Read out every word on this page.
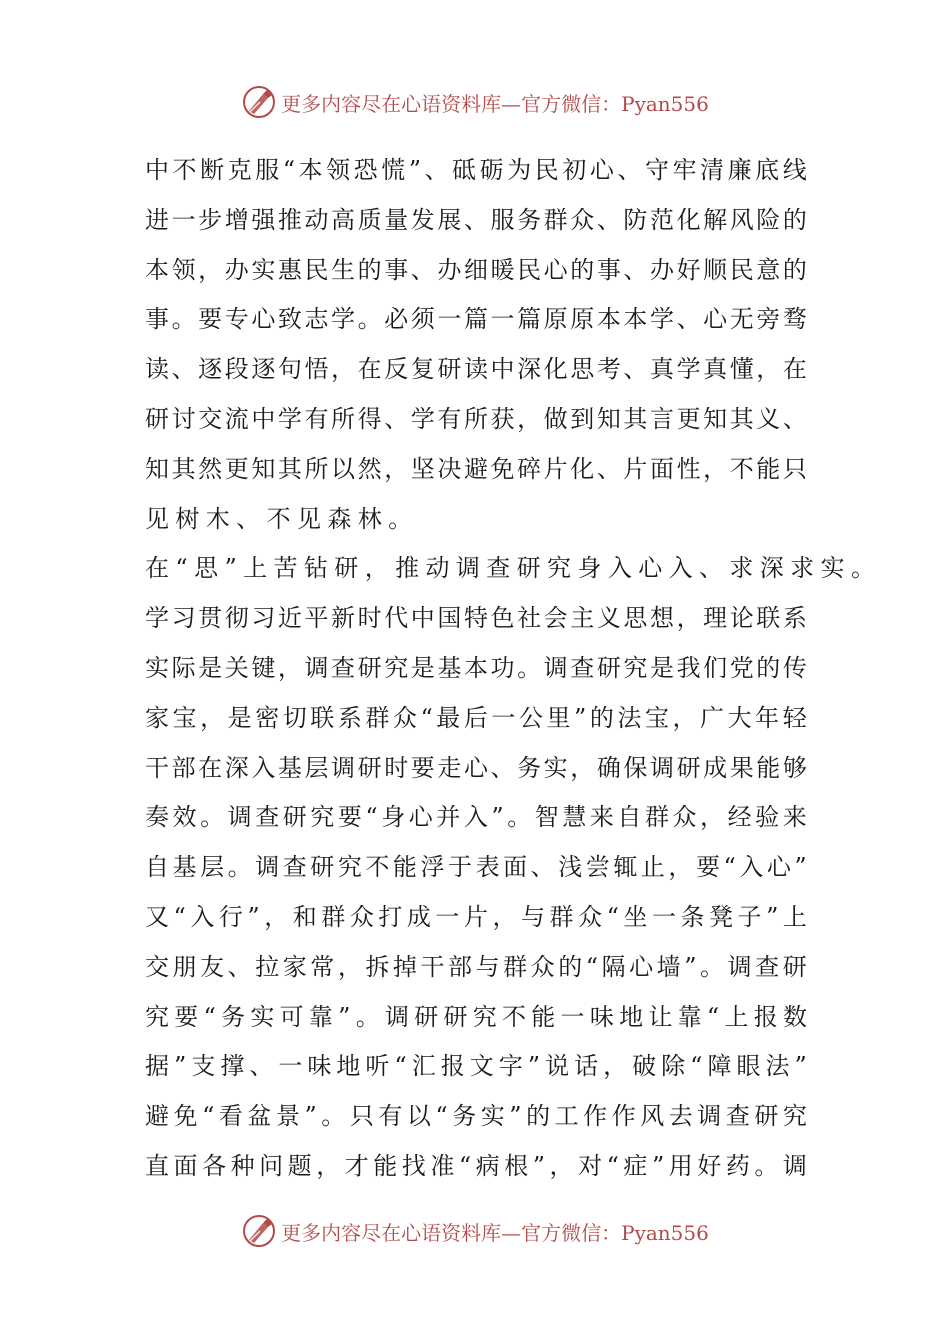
更多内容尽在心语资料库—官方微信：Pyan556
中 不 断 克 服 “ 本 领 恐 慌 ” 、 砥 砺 为 民 初 心 、 守 牢 清 廉 底 线
进 一 步 增 强 推 动 高 质 量 发 展 、 服 务 群 众 、 防 范 化 解 风 险 的
本 领 ， 办 实 惠 民 生 的 事 、 办 细 暖 民 心 的 事 、 办 好 顺 民 意 的
事 。 要 专 心 致 志 学 。 必 须 一 篇 一 篇 原 原 本 本 学 、 心 无 旁 骛
读 、 逐 段 逐 句 悟 ， 在 反 复 研 读 中 深 化 思 考 、 真 学 真 懂 ， 在
研 讨 交 流 中 学 有 所 得 、 学 有 所 获 ， 做 到 知 其 言 更 知 其 义 、
知 其 然 更 知 其 所 以 然 ， 坚 决 避 免 碎 片 化 、 片 面 性 ， 不 能 只
见 树 木 、 不 见 森 林 。
在 “ 思 ” 上 苦 钻 研 ， 推 动 调 查 研 究 身 入 心 入 、 求 深 求 实 。
学 习 贯 彻 习 近 平 新 时 代 中 国 特 色 社 会 主 义 思 想 ， 理 论 联 系
实 际 是 关 键 ， 调 查 研 究 是 基 本 功 。 调 查 研 究 是 我 们 党 的 传
家 宝 ， 是 密 切 联 系 群 众 “ 最 后 一 公 里 ” 的 法 宝 ， 广 大 年 轻
干 部 在 深 入 基 层 调 研 时 要 走 心 、 务 实 ， 确 保 调 研 成 果 能 够
奏 效 。 调 查 研 究 要 “ 身 心 并 入 ” 。 智 慧 来 自 群 众 ， 经 验 来
自 基 层 。 调 查 研 究 不 能 浮 于 表 面 、 浅 尝 辄 止 ， 要 “ 入 心 ”
又 “ 入 行 ” ， 和 群 众 打 成 一 片 ， 与 群 众 “ 坐 一 条 凳 子 ” 上
交 朋 友 、 拉 家 常 ， 拆 掉 干 部 与 群 众 的 “ 隔 心 墙 ” 。 调 查 研
究 要 “ 务 实 可 靠 ” 。 调 研 研 究 不 能 一 味 地 让 靠 “ 上 报 数
据 ” 支 撑 、 一 味 地 听 “ 汇 报 文 字 ” 说 话 ， 破 除 “ 障 眼 法 ”
避 免 “ 看 盆 景 ” 。 只 有 以 “ 务 实 ” 的 工 作 作 风 去 调 查 研 究
直 面 各 种 问 题 ， 才 能 找 准 “ 病 根 ” ， 对 “ 症 ” 用 好 药 。 调
更多内容尽在心语资料库—官方微信：Pyan556
